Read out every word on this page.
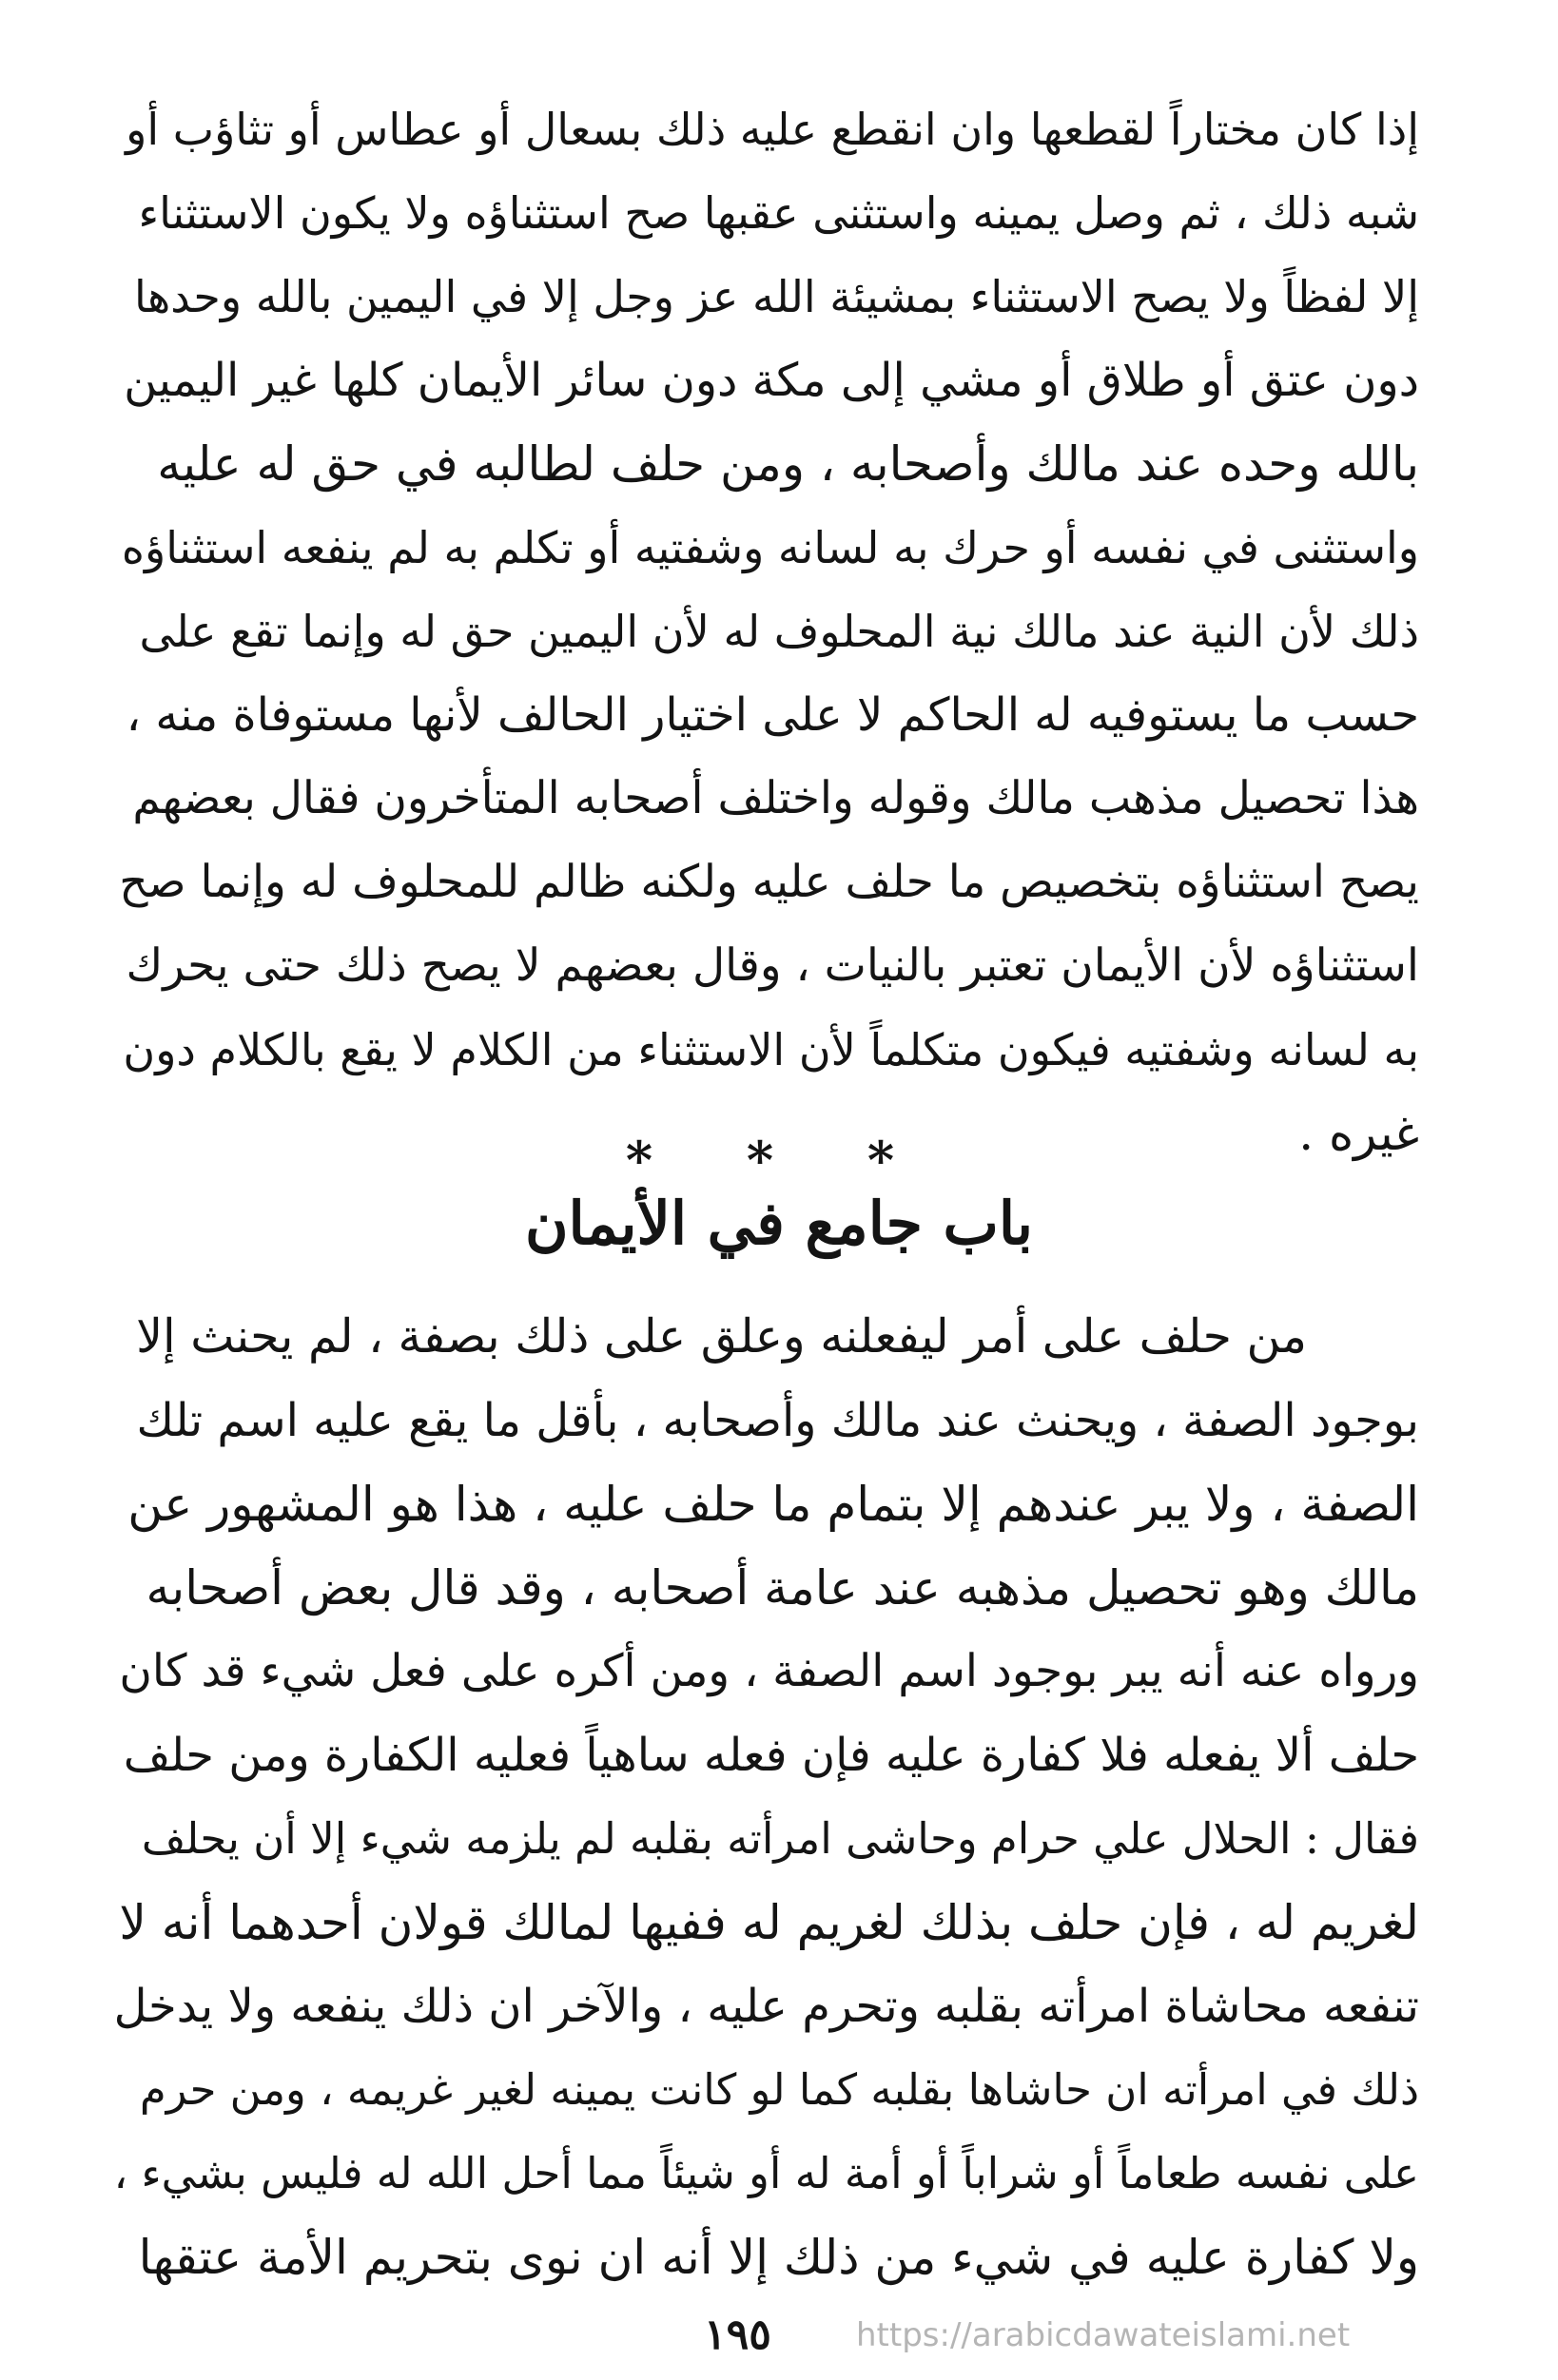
إذا كان مختاراً لقطعها وان انقطع عليه ذلك بسعال أو عطاس أو تثاؤب أو
شبه ذلك ، ثم وصل يمينه واستثنى عقبها صح استثناؤه ولا يكون الاستثناء
إلا لفظاً ولا يصح الاستثناء بمشيئة الله عز وجل إلا في اليمين بالله وحدها
دون عتق أو طلاق أو مشي إلى مكة دون سائر الأيمان كلها غير اليمين
بالله وحده عند مالك وأصحابه ، ومن حلف لطالبه في حق له عليه
واستثنى في نفسه أو حرك به لسانه وشفتيه أو تكلم به لم ينفعه استثناؤه
ذلك لأن النية عند مالك نية المحلوف له لأن اليمين حق له وإنما تقع على
حسب ما يستوفيه له الحاكم لا على اختيار الحالف لأنها مستوفاة منه ،
هذا تحصيل مذهب مالك وقوله واختلف أصحابه المتأخرون فقال بعضهم
يصح استثناؤه بتخصيص ما حلف عليه ولكنه ظالم للمحلوف له وإنما صح
استثناؤه لأن الأيمان تعتبر بالنيات ، وقال بعضهم لا يصح ذلك حتى يحرك
به لسانه وشفتيه فيكون متكلماً لأن الاستثناء من الكلام لا يقع بالكلام دون
غيره .
* * *
باب جامع في الأيمان
من حلف على أمر ليفعلنه وعلق على ذلك بصفة ، لم يحنث إلا
بوجود الصفة ، ويحنث عند مالك وأصحابه ، بأقل ما يقع عليه اسم تلك
الصفة ، ولا يبر عندهم إلا بتمام ما حلف عليه ، هذا هو المشهور عن
مالك وهو تحصيل مذهبه عند عامة أصحابه ، وقد قال بعض أصحابه
ورواه عنه أنه يبر بوجود اسم الصفة ، ومن أكره على فعل شيء قد كان
حلف ألا يفعله فلا كفارة عليه فإن فعله ساهياً فعليه الكفارة ومن حلف
فقال : الحلال علي حرام وحاشى امرأته بقلبه لم يلزمه شيء إلا أن يحلف
لغريم له ، فإن حلف بذلك لغريم له ففيها لمالك قولان أحدهما أنه لا
تنفعه محاشاة امرأته بقلبه وتحرم عليه ، والآخر ان ذلك ينفعه ولا يدخل
ذلك في امرأته ان حاشاها بقلبه كما لو كانت يمينه لغير غريمه ، ومن حرم
على نفسه طعاماً أو شراباً أو أمة له أو شيئاً مما أحل الله له فليس بشيء ،
ولا كفارة عليه في شيء من ذلك إلا أنه ان نوى بتحريم الأمة عتقها
١٩٥	https://arabicdawateislami.net
